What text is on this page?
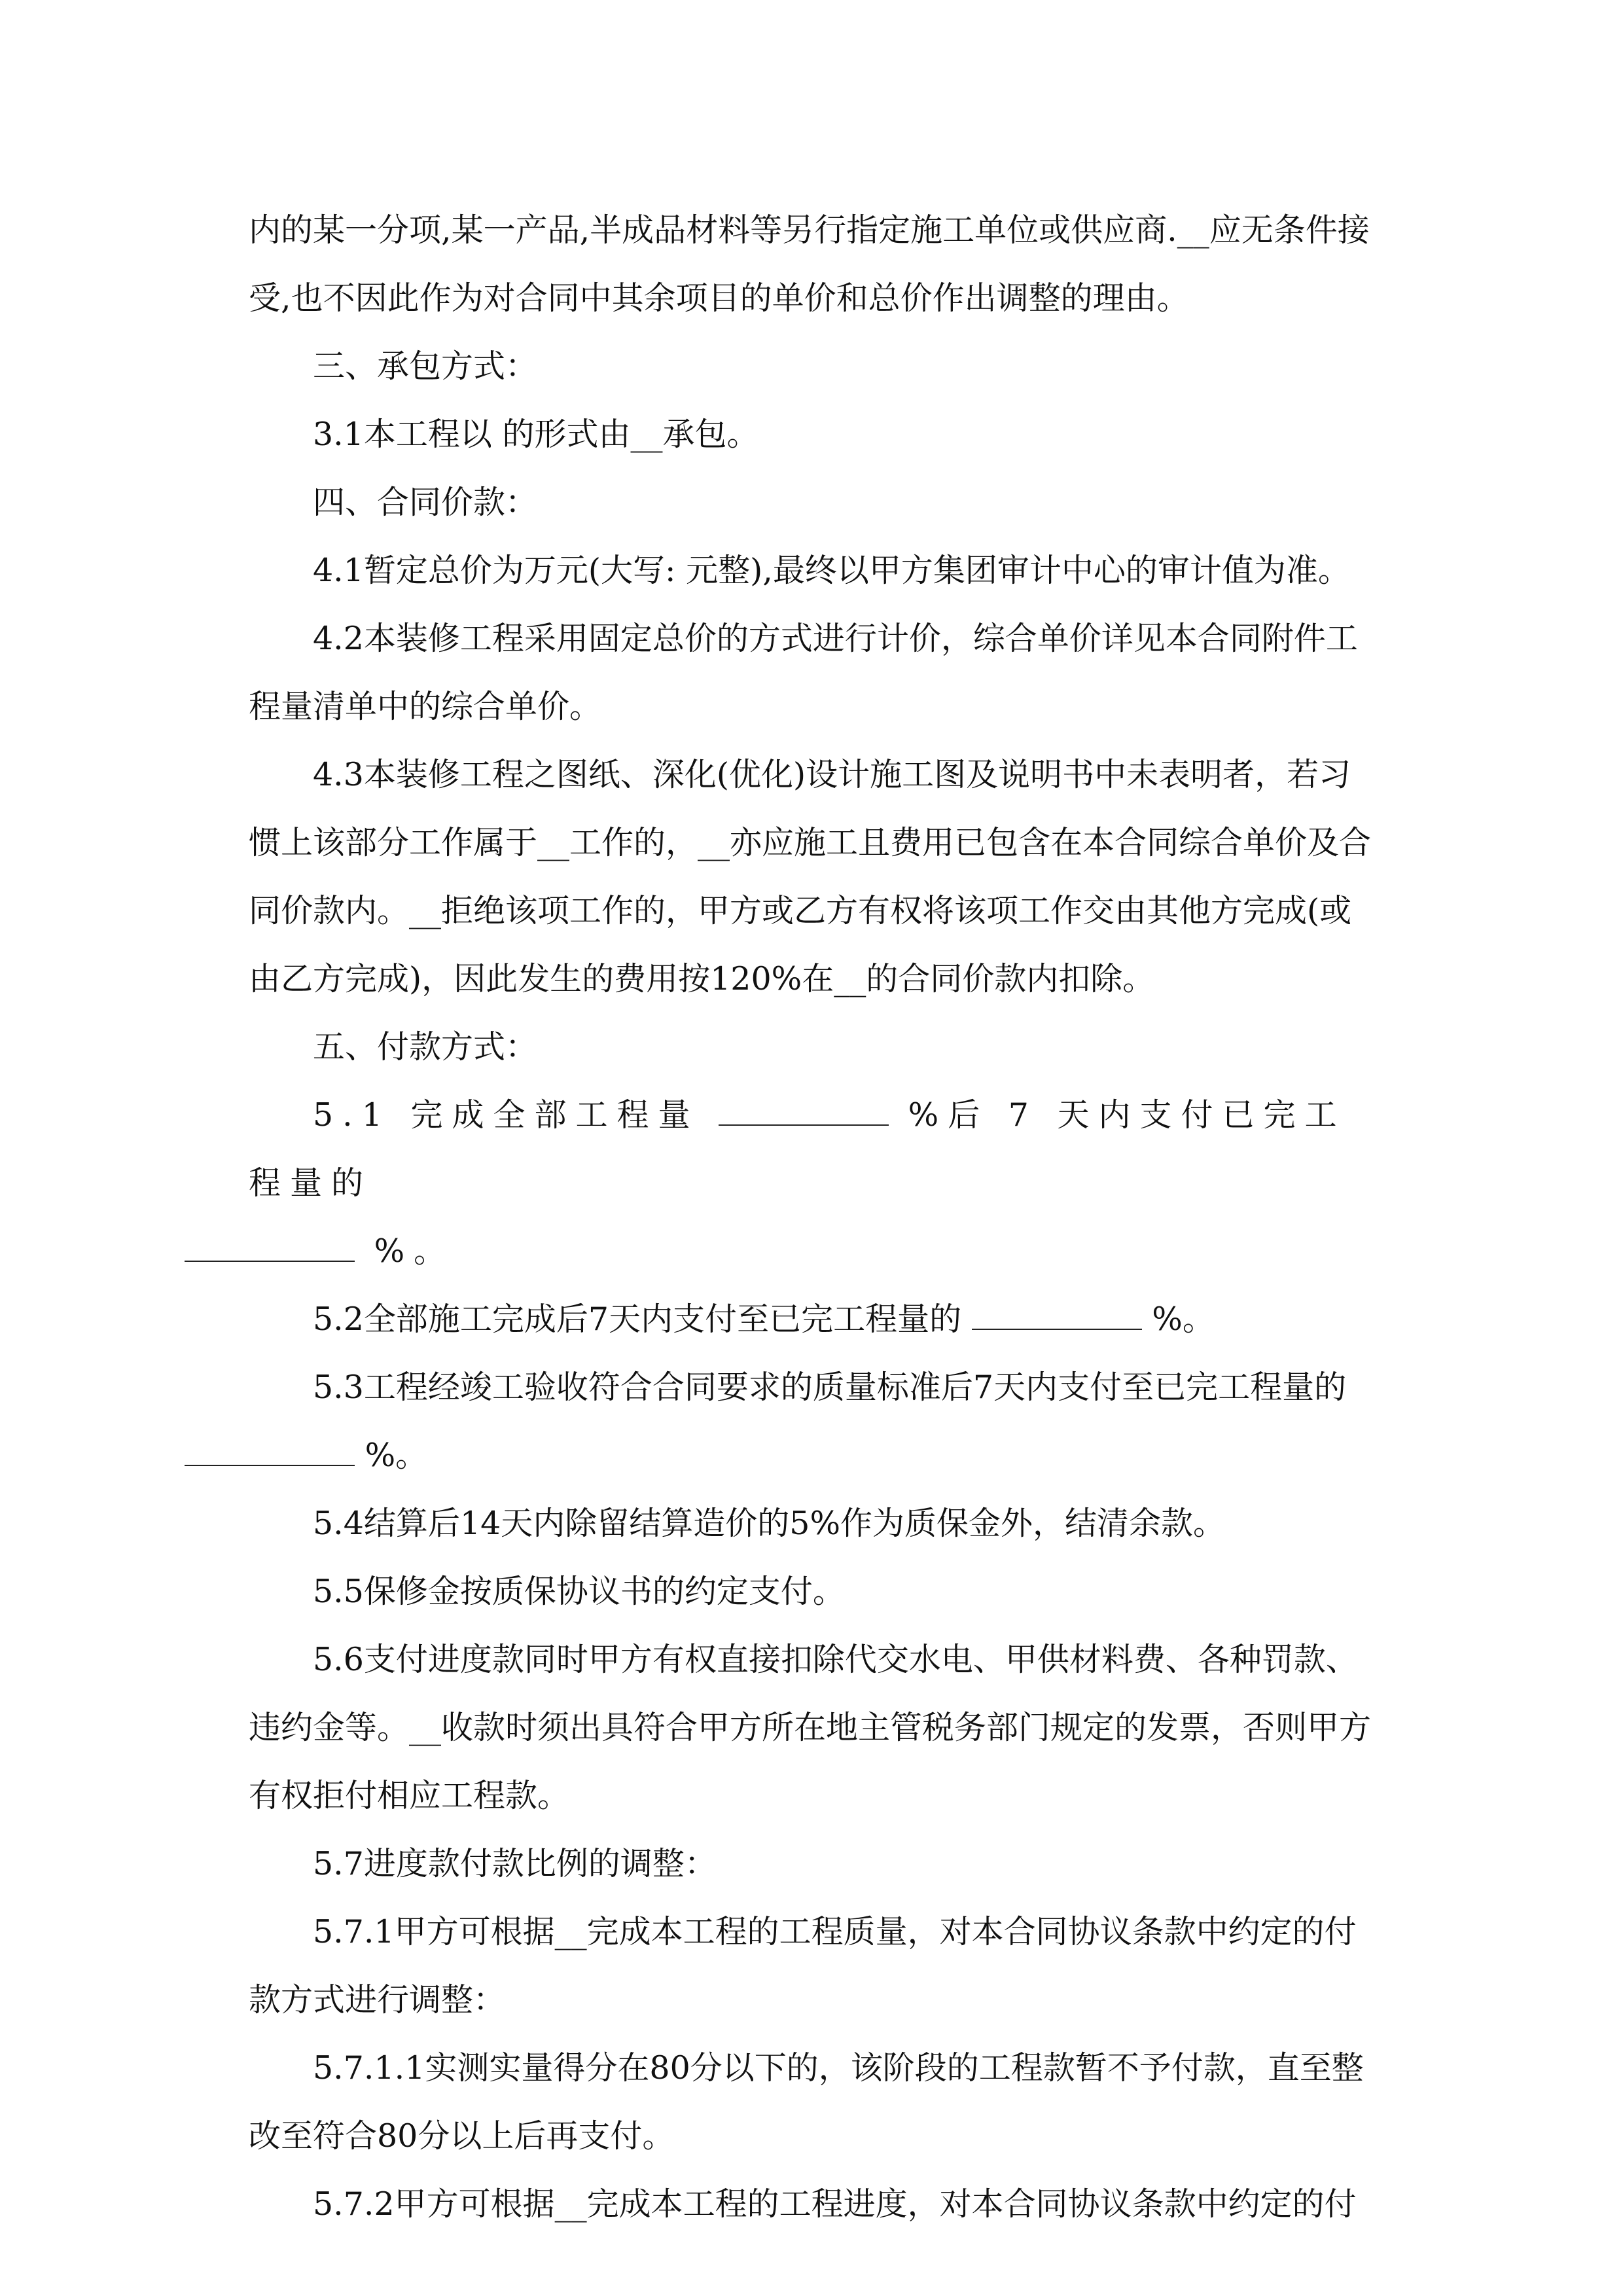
内的某一分项,某一产品,半成品材料等另行指定施工单位或供应商.__应无条件接受,也不因此作为对合同中其余项目的单价和总价作出调整的理由。

三、承包方式：

3.1本工程以 的形式由__承包。

四、合同价款：

4.1暂定总价为万元(大写: 元整),最终以甲方集团审计中心的审计值为准。

4.2本装修工程采用固定总价的方式进行计价，综合单价详见本合同附件工程量清单中的综合单价。

4.3本装修工程之图纸、深化(优化)设计施工图及说明书中未表明者，若习惯上该部分工作属于__工作的，__亦应施工且费用已包含在本合同综合单价及合同价款内。__拒绝该项工作的，甲方或乙方有权将该项工作交由其他方完成(或由乙方完成)，因此发生的费用按120%在__的合同价款内扣除。

五、付款方式：

5.1 完成全部工程量	%后 7 天内支付已完工程量的
%。

5.2全部施工完成后7天内支付至已完工程量的	%。

5.3工程经竣工验收符合合同要求的质量标准后7天内支付至已完工程量的
%。

5.4结算后14天内除留结算造价的5%作为质保金外，结清余款。

5.5保修金按质保协议书的约定支付。

5.6支付进度款同时甲方有权直接扣除代交水电、甲供材料费、各种罚款、违约金等。__收款时须出具符合甲方所在地主管税务部门规定的发票，否则甲方有权拒付相应工程款。

5.7进度款付款比例的调整：

5.7.1甲方可根据__完成本工程的工程质量，对本合同协议条款中约定的付款方式进行调整：

5.7.1.1实测实量得分在80分以下的，该阶段的工程款暂不予付款，直至整改至符合80分以上后再支付。

5.7.2甲方可根据__完成本工程的工程进度，对本合同协议条款中约定的付
